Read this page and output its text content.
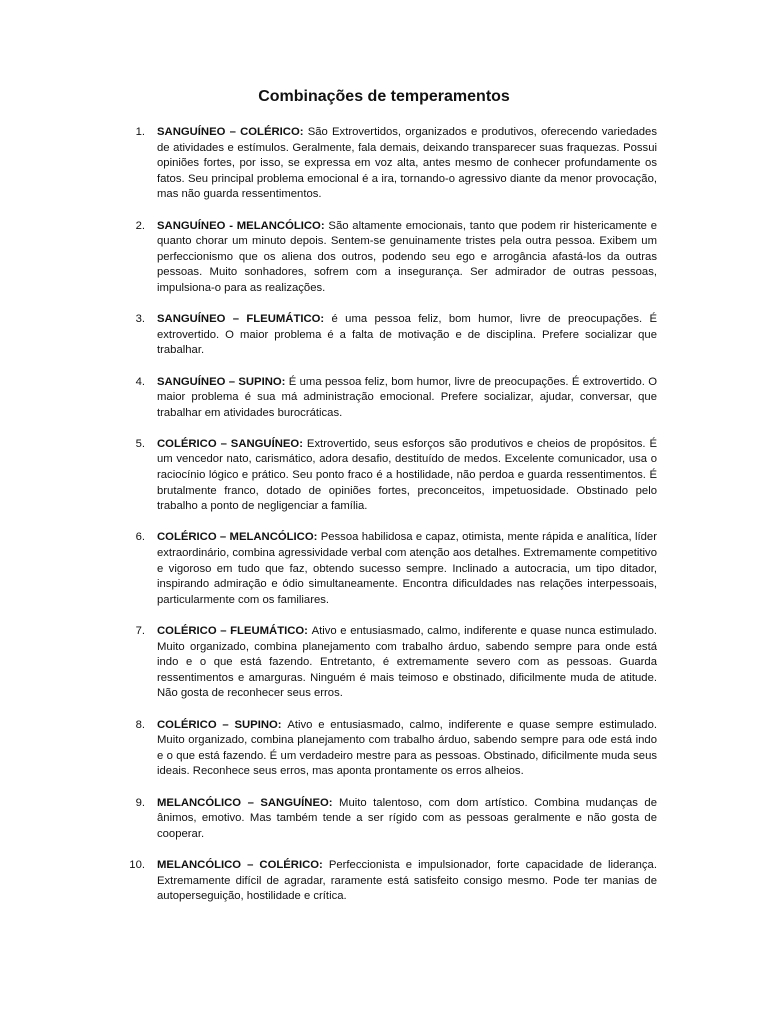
Combinações de temperamentos
1. SANGUÍNEO – COLÉRICO: São Extrovertidos, organizados e produtivos, oferecendo variedades de atividades e estímulos. Geralmente, fala demais, deixando transparecer suas fraquezas. Possui opiniões fortes, por isso, se expressa em voz alta, antes mesmo de conhecer profundamente os fatos. Seu principal problema emocional é a ira, tornando-o agressivo diante da menor provocação, mas não guarda ressentimentos.
2. SANGUÍNEO - MELANCÓLICO: São altamente emocionais, tanto que podem rir histericamente e quanto chorar um minuto depois. Sentem-se genuinamente tristes pela outra pessoa. Exibem um perfeccionismo que os aliena dos outros, podendo seu ego e arrogância afastá-los da outras pessoas. Muito sonhadores, sofrem com a insegurança. Ser admirador de outras pessoas, impulsiona-o para as realizações.
3. SANGUÍNEO – FLEUMÁTICO: é uma pessoa feliz, bom humor, livre de preocupações. É extrovertido. O maior problema é a falta de motivação e de disciplina. Prefere socializar que trabalhar.
4. SANGUÍNEO – SUPINO: É uma pessoa feliz, bom humor, livre de preocupações. É extrovertido. O maior problema é sua má administração emocional. Prefere socializar, ajudar, conversar, que trabalhar em atividades burocráticas.
5. COLÉRICO – SANGUÍNEO: Extrovertido, seus esforços são produtivos e cheios de propósitos. É um vencedor nato, carismático, adora desafio, destituído de medos. Excelente comunicador, usa o raciocínio lógico e prático. Seu ponto fraco é a hostilidade, não perdoa e guarda ressentimentos. É brutalmente franco, dotado de opiniões fortes, preconceitos, impetuosidade. Obstinado pelo trabalho a ponto de negligenciar a família.
6. COLÉRICO – MELANCÓLICO: Pessoa habilidosa e capaz, otimista, mente rápida e analítica, líder extraordinário, combina agressividade verbal com atenção aos detalhes. Extremamente competitivo e vigoroso em tudo que faz, obtendo sucesso sempre. Inclinado a autocracia, um tipo ditador, inspirando admiração e ódio simultaneamente. Encontra dificuldades nas relações interpessoais, particularmente com os familiares.
7. COLÉRICO – FLEUMÁTICO: Ativo e entusiasmado, calmo, indiferente e quase nunca estimulado. Muito organizado, combina planejamento com trabalho árduo, sabendo sempre para onde está indo e o que está fazendo. Entretanto, é extremamente severo com as pessoas. Guarda ressentimentos e amarguras. Ninguém é mais teimoso e obstinado, dificilmente muda de atitude. Não gosta de reconhecer seus erros.
8. COLÉRICO – SUPINO: Ativo e entusiasmado, calmo, indiferente e quase sempre estimulado. Muito organizado, combina planejamento com trabalho árduo, sabendo sempre para ode está indo e o que está fazendo. É um verdadeiro mestre para as pessoas. Obstinado, dificilmente muda seus ideais. Reconhece seus erros, mas aponta prontamente os erros alheios.
9. MELANCÓLICO – SANGUÍNEO: Muito talentoso, com dom artístico. Combina mudanças de ânimos, emotivo. Mas também tende a ser rígido com as pessoas geralmente e não gosta de cooperar.
10. MELANCÓLICO – COLÉRICO: Perfeccionista e impulsionador, forte capacidade de liderança. Extremamente difícil de agradar, raramente está satisfeito consigo mesmo. Pode ter manias de autoperseguição, hostilidade e crítica.
